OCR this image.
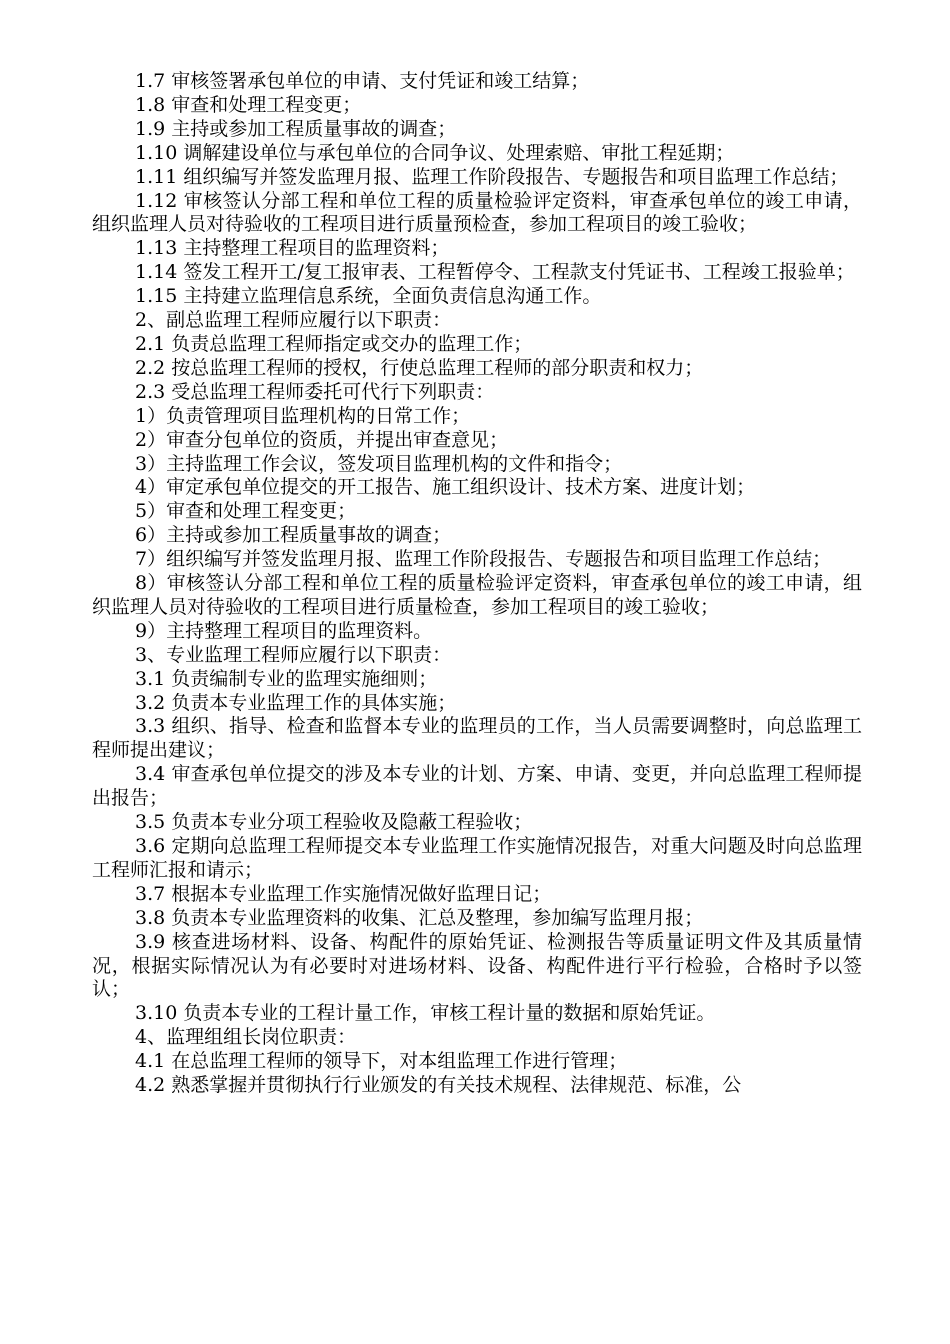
1.7 审核签署承包单位的申请、支付凭证和竣工结算；

1.8 审查和处理工程变更；

1.9 主持或参加工程质量事故的调查；

1.10 调解建设单位与承包单位的合同争议、处理索赔、审批工程延期；

1.11 组织编写并签发监理月报、监理工作阶段报告、专题报告和项目监理工作总结；

1.12 审核签认分部工程和单位工程的质量检验评定资料，审查承包单位的竣工申请，组织监理人员对待验收的工程项目进行质量预检查，参加工程项目的竣工验收；

1.13 主持整理工程项目的监理资料；

1.14 签发工程开工/复工报审表、工程暂停令、工程款支付凭证书、工程竣工报验单；

1.15 主持建立监理信息系统，全面负责信息沟通工作。

2、副总监理工程师应履行以下职责：

2.1 负责总监理工程师指定或交办的监理工作；

2.2 按总监理工程师的授权，行使总监理工程师的部分职责和权力；

2.3 受总监理工程师委托可代行下列职责：

1）负责管理项目监理机构的日常工作；

2）审查分包单位的资质，并提出审查意见；

3）主持监理工作会议，签发项目监理机构的文件和指令；

4）审定承包单位提交的开工报告、施工组织设计、技术方案、进度计划；

5）审查和处理工程变更；

6）主持或参加工程质量事故的调查；

7）组织编写并签发监理月报、监理工作阶段报告、专题报告和项目监理工作总结；

8）审核签认分部工程和单位工程的质量检验评定资料，审查承包单位的竣工申请，组织监理人员对待验收的工程项目进行质量检查，参加工程项目的竣工验收；

9）主持整理工程项目的监理资料。

3、专业监理工程师应履行以下职责：

3.1 负责编制专业的监理实施细则；

3.2 负责本专业监理工作的具体实施；

3.3 组织、指导、检查和监督本专业的监理员的工作，当人员需要调整时，向总监理工程师提出建议；

3.4 审查承包单位提交的涉及本专业的计划、方案、申请、变更，并向总监理工程师提出报告；

3.5 负责本专业分项工程验收及隐蔽工程验收；

3.6 定期向总监理工程师提交本专业监理工作实施情况报告，对重大问题及时向总监理工程师汇报和请示；

3.7 根据本专业监理工作实施情况做好监理日记；

3.8 负责本专业监理资料的收集、汇总及整理，参加编写监理月报；

3.9 核查进场材料、设备、构配件的原始凭证、检测报告等质量证明文件及其质量情况，根据实际情况认为有必要时对进场材料、设备、构配件进行平行检验，合格时予以签认；

3.10 负责本专业的工程计量工作，审核工程计量的数据和原始凭证。

4、监理组组长岗位职责：

4.1 在总监理工程师的领导下，对本组监理工作进行管理；

4.2 熟悉掌握并贯彻执行行业颁发的有关技术规程、法律规范、标准，公
